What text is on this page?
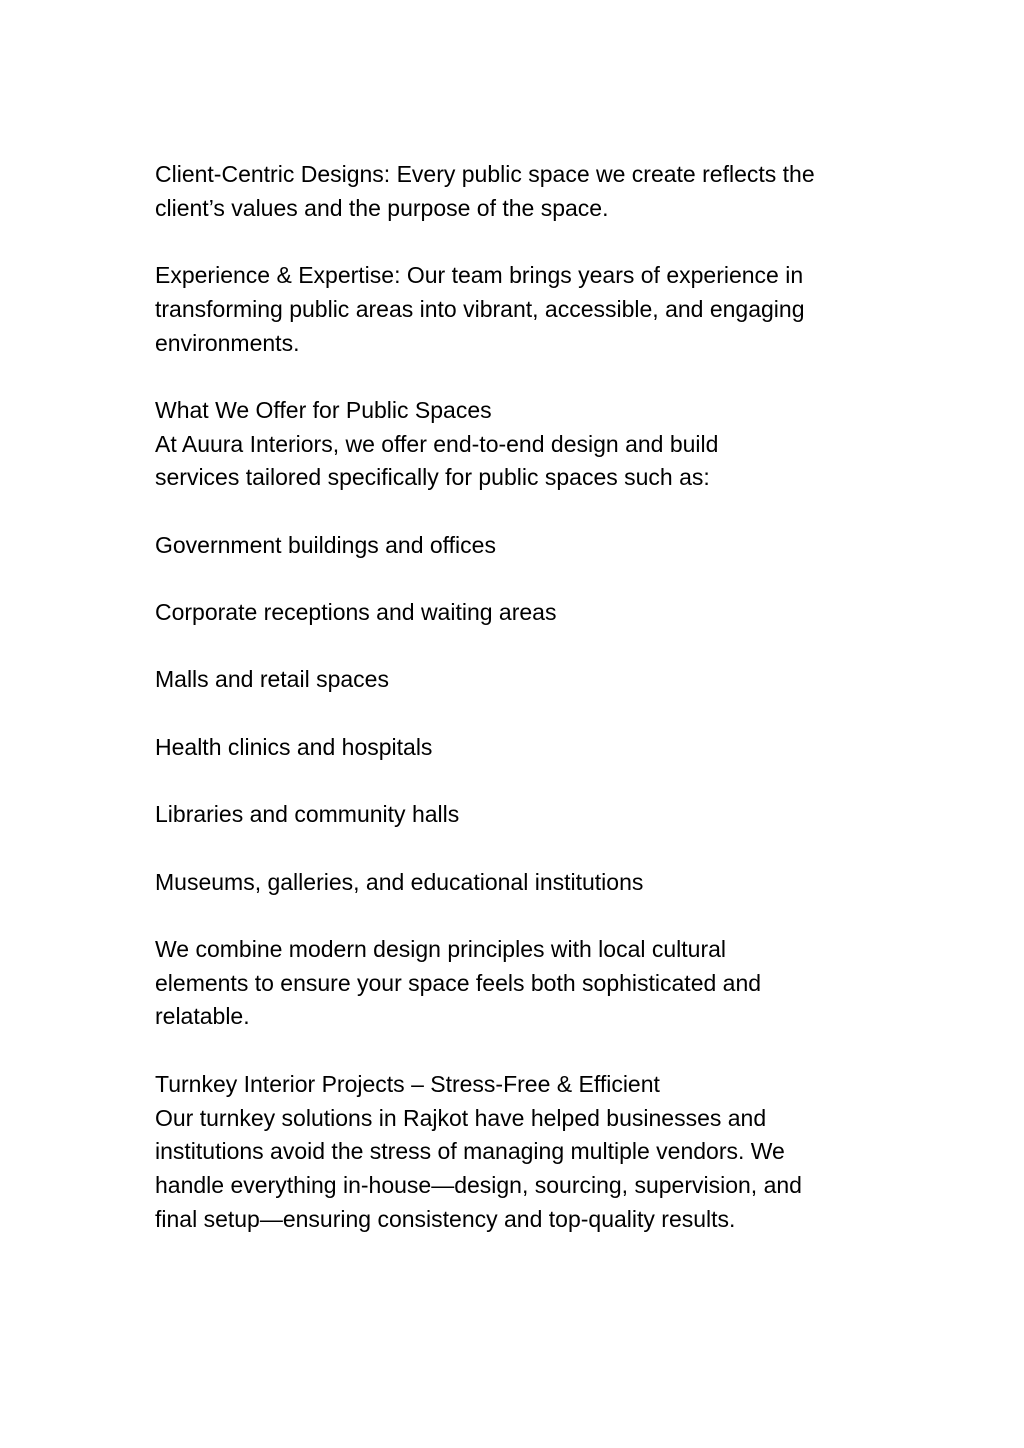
Client-Centric Designs: Every public space we create reflects the
client’s values and the purpose of the space.

Experience & Expertise: Our team brings years of experience in
transforming public areas into vibrant, accessible, and engaging
environments.

What We Offer for Public Spaces
At Auura Interiors, we offer end-to-end design and build
services tailored specifically for public spaces such as:

Government buildings and offices
Corporate receptions and waiting areas
Malls and retail spaces
Health clinics and hospitals
Libraries and community halls
Museums, galleries, and educational institutions

We combine modern design principles with local cultural
elements to ensure your space feels both sophisticated and
relatable.

Turnkey Interior Projects – Stress-Free & Efficient
Our turnkey solutions in Rajkot have helped businesses and
institutions avoid the stress of managing multiple vendors. We
handle everything in-house—design, sourcing, supervision, and
final setup—ensuring consistency and top-quality results.
